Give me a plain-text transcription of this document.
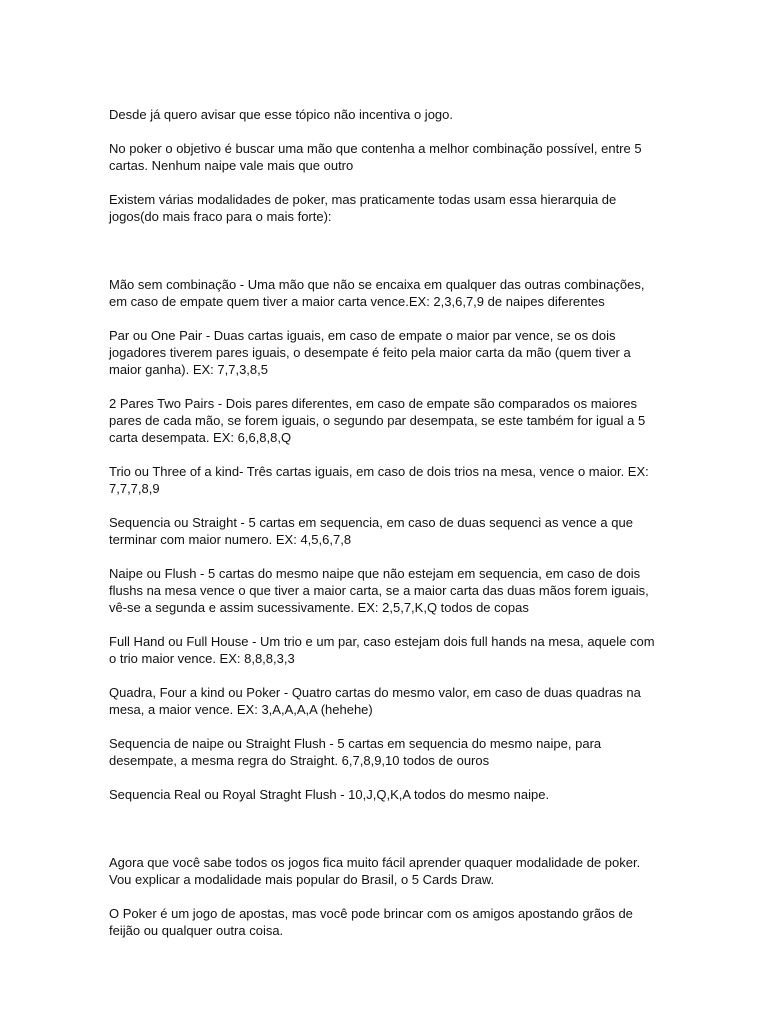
Desde já quero avisar que esse tópico não incentiva o jogo.

No poker o objetivo é buscar uma mão que contenha a melhor combinação possível, entre 5 cartas. Nenhum naipe vale mais que outro

Existem várias modalidades de poker, mas praticamente todas usam essa hierarquia de jogos(do mais fraco para o mais forte):

Mão sem combinação - Uma mão que não se encaixa em qualquer das outras combinações, em caso de empate quem tiver a maior carta vence.EX: 2,3,6,7,9 de naipes diferentes

Par ou One Pair - Duas cartas iguais, em caso de empate o maior par vence, se os dois jogadores tiverem pares iguais, o desempate é feito pela maior carta da mão (quem tiver a maior ganha). EX: 7,7,3,8,5

2 Pares Two Pairs - Dois pares diferentes, em caso de empate são comparados os maiores pares de cada mão, se forem iguais, o segundo par desempata, se este também for igual a 5 carta desempata. EX: 6,6,8,8,Q

Trio ou Three of a kind- Três cartas iguais, em caso de dois trios na mesa, vence o maior. EX: 7,7,7,8,9

Sequencia ou Straight - 5 cartas em sequencia, em caso de duas sequenci as vence a que terminar com maior numero. EX: 4,5,6,7,8

Naipe ou Flush - 5 cartas do mesmo naipe que não estejam em sequencia, em caso de dois flushs na mesa vence o que tiver a maior carta, se a maior carta das duas mãos forem iguais, vê-se a segunda e assim sucessivamente. EX: 2,5,7,K,Q todos de copas

Full Hand ou Full House - Um trio e um par, caso estejam dois full hands na mesa, aquele com o trio maior vence. EX: 8,8,8,3,3

Quadra, Four a kind ou Poker - Quatro cartas do mesmo valor, em caso de duas quadras na mesa, a maior vence. EX: 3,A,A,A,A (hehehe)

Sequencia de naipe ou Straight Flush - 5 cartas em sequencia do mesmo naipe, para desempate, a mesma regra do Straight. 6,7,8,9,10 todos de ouros

Sequencia Real ou Royal Straght Flush - 10,J,Q,K,A todos do mesmo naipe.

Agora que você sabe todos os jogos fica muito fácil aprender quaquer modalidade de poker. Vou explicar a modalidade mais popular do Brasil, o 5 Cards Draw.

O Poker é um jogo de apostas, mas você pode brincar com os amigos apostando grãos de feijão ou qualquer outra coisa.
